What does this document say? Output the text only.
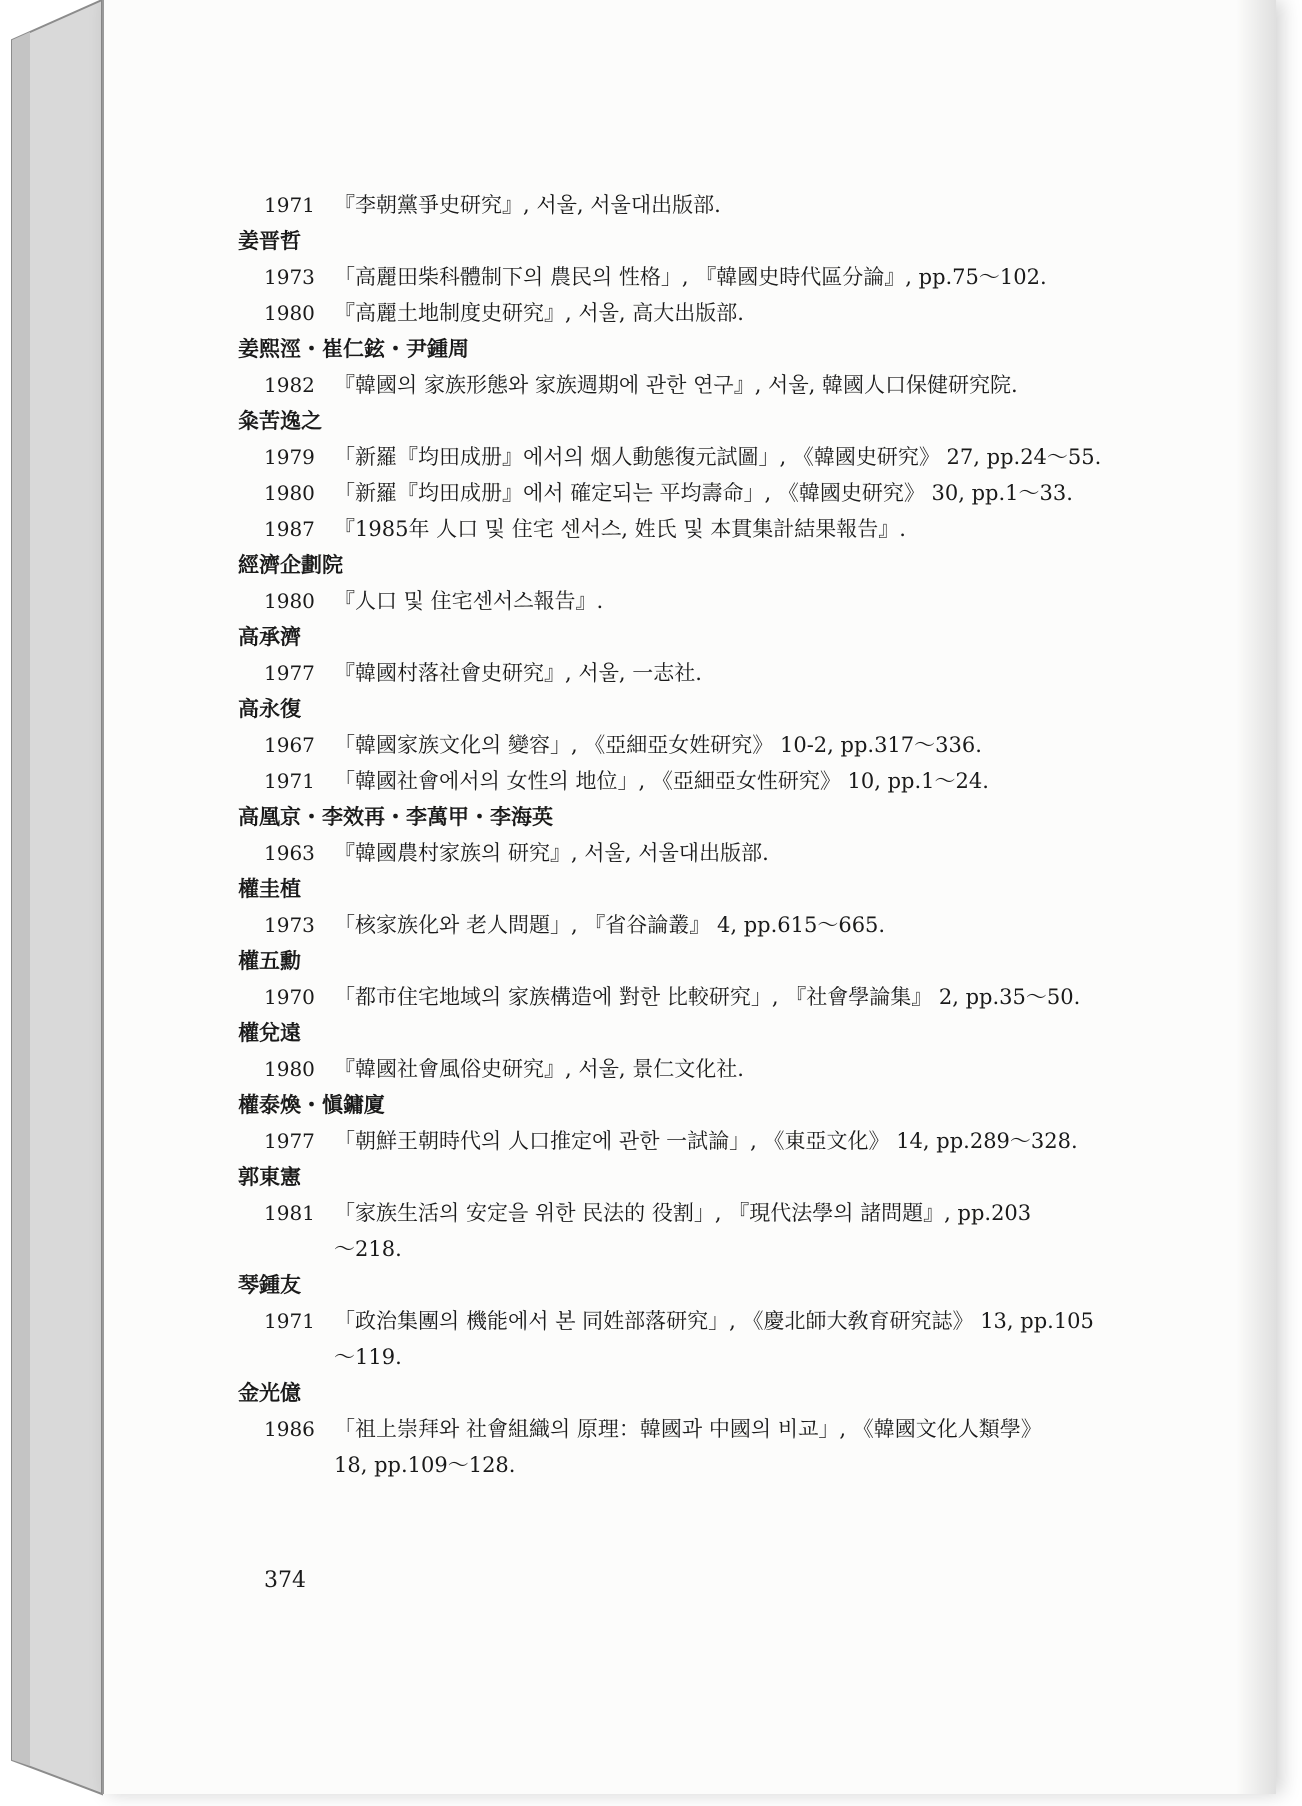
1971 『李朝黨爭史研究』, 서울, 서울대出版部.
姜晋哲
1973 「高麗田柴科體制下의 農民의 性格」, 『韓國史時代區分論』, pp.75～102.
1980 『高麗土地制度史研究』, 서울, 高大出版部.
姜熙涇・崔仁鉉・尹鍾周
1982 『韓國의 家族形態와 家族週期에 관한 연구』, 서울, 韓國人口保健研究院.
粂苦逸之
1979 「新羅『均田成册』에서의 烟人動態復元試圖」, 《韓國史研究》 27, pp.24～55.
1980 「新羅『均田成册』에서 確定되는 平均壽命」, 《韓國史研究》 30, pp.1～33.
1987 『1985年 人口 및 住宅 센서스, 姓氏 및 本貫集計結果報告』.
經濟企劃院
1980 『人口 및 住宅센서스報告』.
高承濟
1977 『韓國村落社會史研究』, 서울, 一志社.
高永復
1967 「韓國家族文化의 變容」, 《亞細亞女姓研究》 10-2, pp.317～336.
1971 「韓國社會에서의 女性의 地位」, 《亞細亞女性研究》 10, pp.1～24.
高凰京・李效再・李萬甲・李海英
1963 『韓國農村家族의 研究』, 서울, 서울대出版部.
權圭植
1973 「核家族化와 老人問題」, 『省谷論叢』 4, pp.615～665.
權五勳
1970 「都市住宅地域의 家族構造에 對한 比較研究」, 『社會學論集』 2, pp.35～50.
權兌遠
1980 『韓國社會風俗史研究』, 서울, 景仁文化社.
權泰煥・愼鏞廈
1977 「朝鮮王朝時代의 人口推定에 관한 一試論」, 《東亞文化》 14, pp.289～328.
郭東憲
1981 「家族生活의 安定을 위한 民法的 役割」, 『現代法學의 諸問題』, pp.203
～218.
琴鍾友
1971 「政治集團의 機能에서 본 同姓部落研究」, 《慶北師大敎育研究誌》 13, pp.105
～119.
金光億
1986 「祖上崇拜와 社會組織의 原理：韓國과 中國의 비교」, 《韓國文化人類學》
18, pp.109～128.
374
